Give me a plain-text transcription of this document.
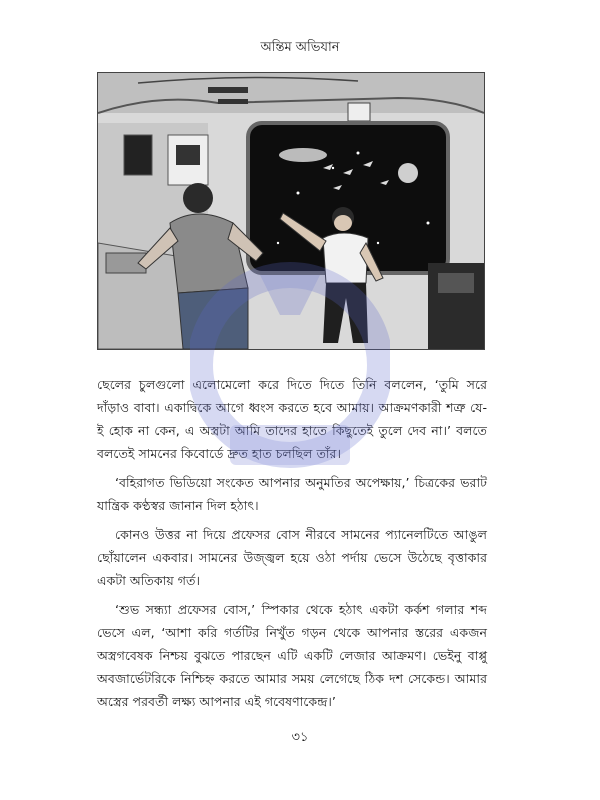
অন্তিম অভিযান

ছেলের চুলগুলো এলোমেলো করে দিতে দিতে তিনি বললেন, ‘তুমি সরে দাঁড়াও বাবা। একাদ্বিকে আগে ধ্বংস করতে হবে আমায়। আক্রমণকারী শত্রু যে-ই হোক না কেন, এ অস্ত্রটা আমি তাদের হাতে কিছুতেই তুলে দেব না।’ বলতে বলতেই সামনের কিবোর্ডে দ্রুত হাত চলছিল তাঁর।

‘বহিরাগত ভিডিয়ো সংকেত আপনার অনুমতির অপেক্ষায়,’ চিত্রকের ভরাট যান্ত্রিক কণ্ঠস্বর জানান দিল হঠাৎ।

কোনও উত্তর না দিয়ে প্রফেসর বোস নীরবে সামনের প্যানেলটিতে আঙুল ছোঁয়ালেন একবার। সামনের উজ্জ্বল হয়ে ওঠা পর্দায় ভেসে উঠেছে বৃত্তাকার একটা অতিকায় গর্ত।

‘শুভ সন্ধ্যা প্রফেসর বোস,’ স্পিকার থেকে হঠাৎ একটা কর্কশ গলার শব্দ ভেসে এল, ‘আশা করি গর্তটির নিখুঁত গড়ন থেকে আপনার স্তরের একজন অস্ত্রগবেষক নিশ্চয় বুঝতে পারছেন এটি একটি লেজার আক্রমণ। ভেইনু বাপ্পু অবজার্ভেটরিকে নিশ্চিহ্ন করতে আমার সময় লেগেছে ঠিক দশ সেকেন্ড। আমার অস্ত্রের পরবর্তী লক্ষ্য আপনার এই গবেষণাকেন্দ্র।’

৩১
